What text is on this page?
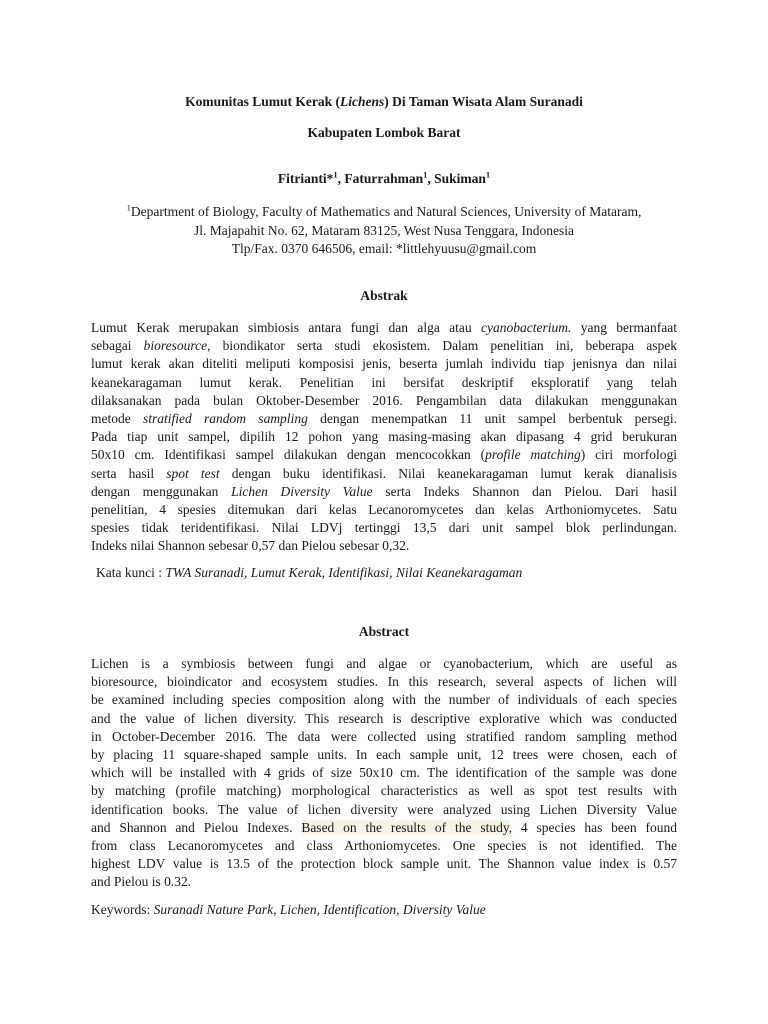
Komunitas Lumut Kerak (Lichens) Di Taman Wisata Alam Suranadi
Kabupaten Lombok Barat
Fitrianti*$^1$, Faturrahman$^1$, Sukiman$^1$
$^1$Department of Biology, Faculty of Mathematics and Natural Sciences, University of Mataram,
Jl. Majapahit No. 62, Mataram 83125, West Nusa Tenggara, Indonesia
Tlp/Fax. 0370 646506, email: *littlehyuusu@gmail.com
Abstrak
Lumut Kerak merupakan simbiosis antara fungi dan alga atau cyanobacterium. yang bermanfaat
sebagai bioresource, biondikator serta studi ekosistem. Dalam penelitian ini, beberapa aspek
lumut kerak akan diteliti meliputi komposisi jenis, beserta jumlah individu tiap jenisnya dan nilai
keanekaragaman lumut kerak. Penelitian ini bersifat deskriptif eksploratif yang telah
dilaksanakan pada bulan Oktober-Desember 2016. Pengambilan data dilakukan menggunakan
metode stratified random sampling dengan menempatkan 11 unit sampel berbentuk persegi.
Pada tiap unit sampel, dipilih 12 pohon yang masing-masing akan dipasang 4 grid berukuran
50x10 cm. Identifikasi sampel dilakukan dengan mencocokkan (profile matching) ciri morfologi
serta hasil spot test dengan buku identifikasi. Nilai keanekaragaman lumut kerak dianalisis
dengan menggunakan Lichen Diversity Value serta Indeks Shannon dan Pielou. Dari hasil
penelitian, 4 spesies ditemukan dari kelas Lecanoromycetes dan kelas Arthoniomycetes. Satu
spesies tidak teridentifikasi. Nilai LDVj tertinggi 13,5 dari unit sampel blok perlindungan.
Indeks nilai Shannon sebesar 0,57 dan Pielou sebesar 0,32.
Kata kunci : TWA Suranadi, Lumut Kerak, Identifikasi, Nilai Keanekaragaman
Abstract
Lichen is a symbiosis between fungi and algae or cyanobacterium, which are useful as
bioresource, bioindicator and ecosystem studies. In this research, several aspects of lichen will
be examined including species composition along with the number of individuals of each species
and the value of lichen diversity. This research is descriptive explorative which was conducted
in October-December 2016. The data were collected using stratified random sampling method
by placing 11 square-shaped sample units. In each sample unit, 12 trees were chosen, each of
which will be installed with 4 grids of size 50x10 cm. The identification of the sample was done
by matching (profile matching) morphological characteristics as well as spot test results with
identification books. The value of lichen diversity were analyzed using Lichen Diversity Value
and Shannon and Pielou Indexes. Based on the results of the study, 4 species has been found
from class Lecanoromycetes and class Arthoniomycetes. One species is not identified. The
highest LDV value is 13.5 of the protection block sample unit. The Shannon value index is 0.57
and Pielou is 0.32.
Keywords: Suranadi Nature Park, Lichen, Identification, Diversity Value
